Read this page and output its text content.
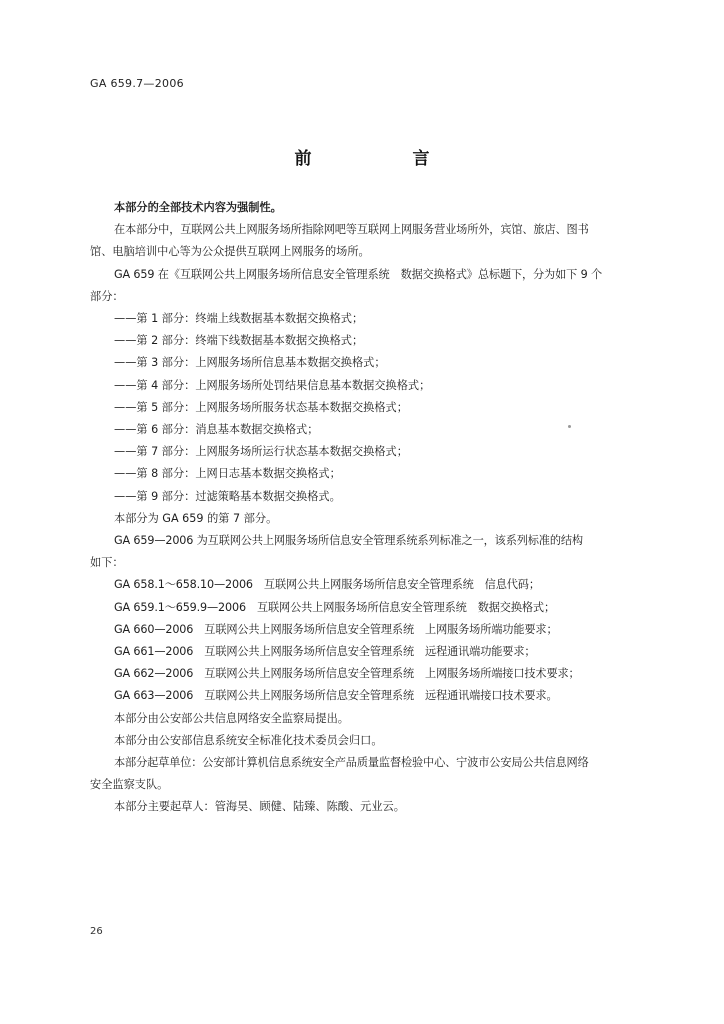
GA 659.7—2006
前　言

本部分的全部技术内容为强制性。

在本部分中，互联网公共上网服务场所指除网吧等互联网上网服务营业场所外，宾馆、旅店、图书

馆、电脑培训中心等为公众提供互联网上网服务的场所。

GA 659 在《互联网公共上网服务场所信息安全管理系统　数据交换格式》总标题下，分为如下 9 个

部分：

——第 1 部分：终端上线数据基本数据交换格式；

——第 2 部分：终端下线数据基本数据交换格式；

——第 3 部分：上网服务场所信息基本数据交换格式；

——第 4 部分：上网服务场所处罚结果信息基本数据交换格式；

——第 5 部分：上网服务场所服务状态基本数据交换格式；

——第 6 部分：消息基本数据交换格式；

——第 7 部分：上网服务场所运行状态基本数据交换格式；

——第 8 部分：上网日志基本数据交换格式；

——第 9 部分：过滤策略基本数据交换格式。

本部分为 GA 659 的第 7 部分。

GA 659—2006 为互联网公共上网服务场所信息安全管理系统系列标准之一，该系列标准的结构

如下：

GA 658.1～658.10—2006　互联网公共上网服务场所信息安全管理系统　信息代码；

GA 659.1～659.9—2006　互联网公共上网服务场所信息安全管理系统　数据交换格式；

GA 660—2006　互联网公共上网服务场所信息安全管理系统　上网服务场所端功能要求；

GA 661—2006　互联网公共上网服务场所信息安全管理系统　远程通讯端功能要求；

GA 662—2006　互联网公共上网服务场所信息安全管理系统　上网服务场所端接口技术要求；

GA 663—2006　互联网公共上网服务场所信息安全管理系统　远程通讯端接口技术要求。

本部分由公安部公共信息网络安全监察局提出。

本部分由公安部信息系统安全标准化技术委员会归口。

本部分起草单位：公安部计算机信息系统安全产品质量监督检验中心、宁波市公安局公共信息网络

安全监察支队。

本部分主要起草人：管海昊、顾健、陆臻、陈酸、元业云。

26
